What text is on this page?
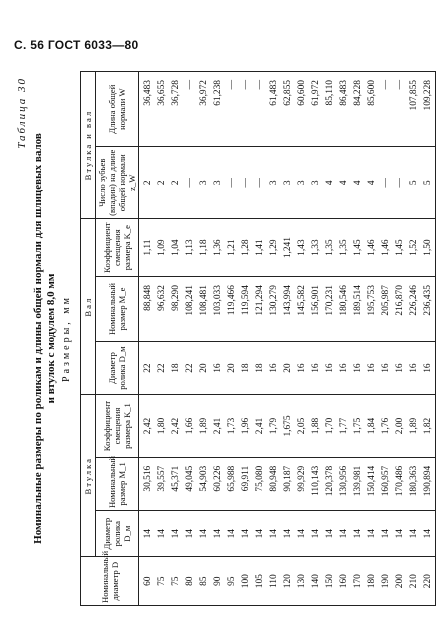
С. 56 ГОСТ 6033—80
Таблица 30
Номинальные размеры по роликам и длины общей нормали для шлицевых валов и втулок с модулем 8,0 мм Размеры, мм
Номинальный диаметр D	Втулка			Вал			Втулка и вал	
	Диаметр ролика D_м	Номинальный размер M_1	Коэффициент смещения размера K_1	Диаметр ролика D_м	Номинальный размер M_e	Коэффициент смещения размера K_e	Число зубьев (впадин) на длине общей нормали z_W	Длина общей нормали W
60	14	30,516	2,42	22	88,848	1,11	2	36,483
75	14	39,557	1,80	22	96,632	1,09	2	36,655
75	14	45,371	2,42	18	98,290	1,04	2	36,728
80	14	49,045	1,66	22	108,241	1,13	—	—
85	14	54,903	1,89	20	108,481	1,18	3	36,972
90	14	60,226	2,41	16	103,033	1,36	3	61,238
95	14	65,988	1,73	20	119,466	1,21	—	—
100	14	69,911	1,96	18	119,594	1,28	—	—
105	14	75,080	2,41	18	121,294	1,41	—	—
110	14	80,948	1,79	16	130,279	1,29	3	61,483
120	14	90,187	1,675	20	143,994	1,241	3	62,855
130	14	99,929	2,05	16	145,582	1,43	3	60,600
140	14	110,143	1,88	16	156,901	1,33	3	61,972
150	14	120,378	1,70	16	170,231	1,35	4	85,110
160	14	130,956	1,77	16	180,546	1,35	4	86,483
170	14	139,981	1,75	16	189,514	1,45	4	84,228
180	14	150,414	1,84	16	195,753	1,46	4	85,600
190	14	160,957	1,76	16	205,987	1,46	—	—
200	14	170,486	2,00	16	216,870	1,45	—	—
210	14	180,363	1,89	16	226,246	1,52	5	107,855
220	14	190,894	1,82	16	236,435	1,50	5	109,228
